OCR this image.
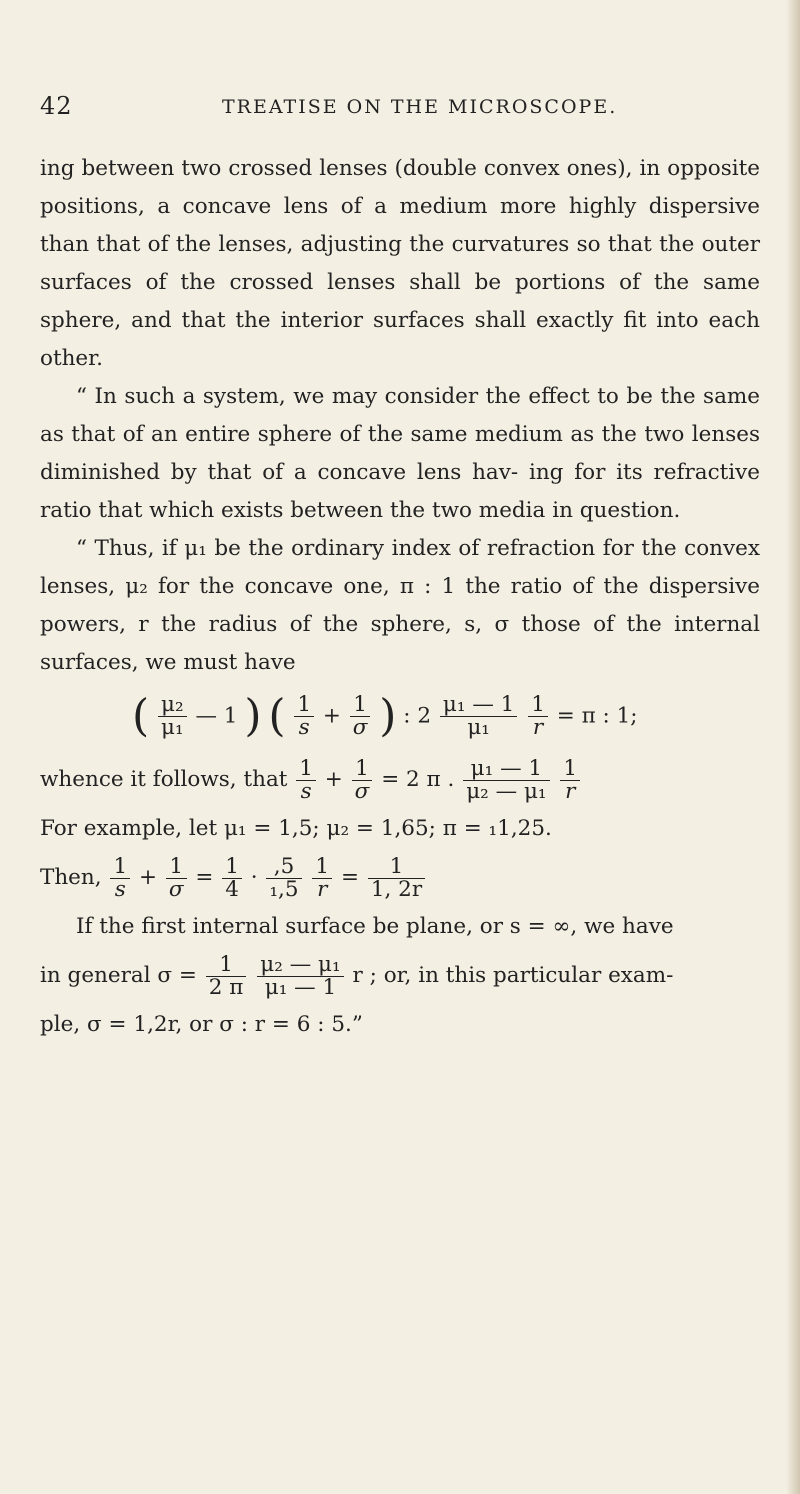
42	TREATISE ON THE MICROSCOPE.

ing between two crossed lenses (double convex ones), in opposite positions, a concave lens of a medium more highly dispersive than that of the lenses, adjusting the curvatures so that the outer surfaces of the crossed lenses shall be portions of the same sphere, and that the interior surfaces shall exactly fit into each other.

“ In such a system, we may consider the effect to be the same as that of an entire sphere of the same medium as the two lenses diminished by that of a concave lens hav- ing for its refractive ratio that which exists between the two media in question.

“ Thus, if μ₁ be the ordinary index of refraction for the convex lenses, μ₂ for the concave one, π : 1 the ratio of the dispersive powers, r the radius of the sphere, s, σ those of the internal surfaces, we must have

( $\frac{\text{μ₂}}{\text{μ₁}}$ — 1 ) ( $\frac{1}{s} + \frac{1}{\sigma}$ ) : $2 \frac{\text{μ₁ — 1}}{\text{μ₁}}$
$\frac{1}{r} = \pi$ : 1;
whence it follows, that $\frac{1}{s} + \frac{1}{\sigma} = 2$ π . $\frac{\text{μ₁ — 1}}{\text{μ₂ — μ₁}}$
$\frac{1}{r}$

For example, let μ₁ = 1,5; μ₂ = 1,65; π = ₁1,25.

Then, $\frac{1}{s} + \frac{1}{\sigma} = \frac{1}{4} \cdot \frac{,5}{\text{₁,5}}$
$\frac{1}{r} = \frac{1}{1, 2r}$

If the first internal surface be plane, or s = ∞, we have

in general $\sigma = \frac{1}{2 \pi}$
$\frac{\text{μ₂ — μ₁}}{\text{μ₁ — 1}}$ r ; or, in this particular exam-

ple, σ = 1,2r, or σ : r = 6 : 5.”
